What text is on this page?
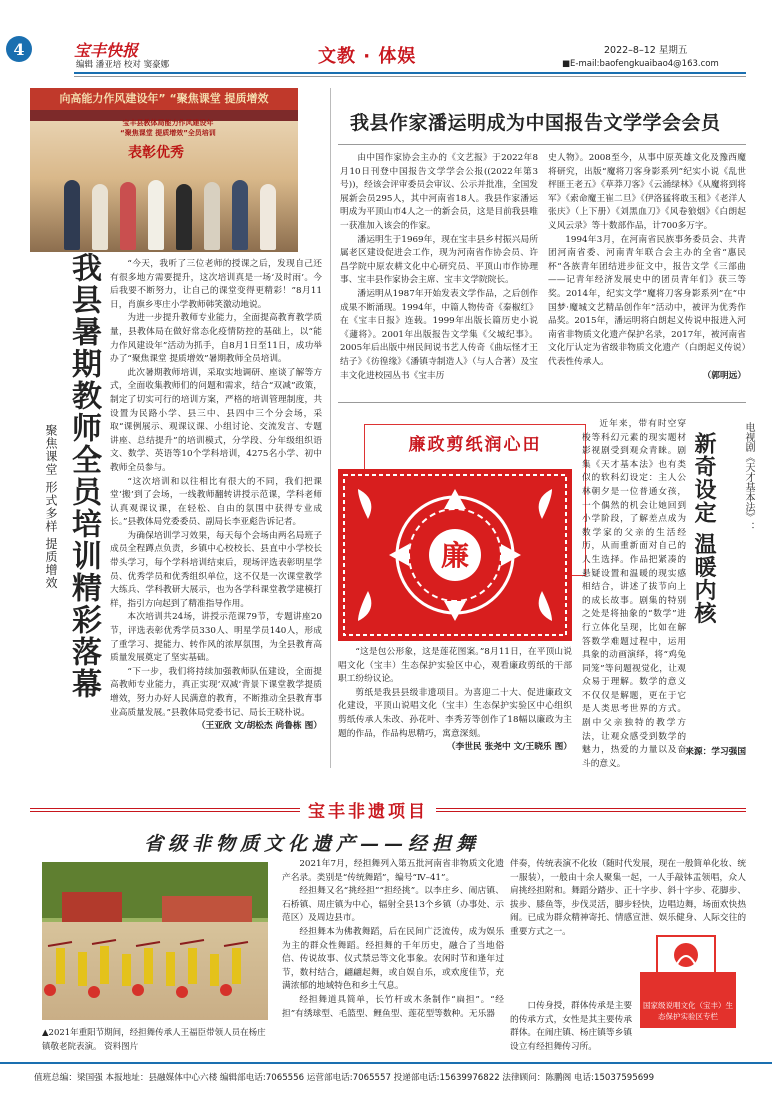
4	宝丰快报
编辑 潘亚培 校对 窦豪娜	文教 · 体娱	2022–8–12 星期五
■E-mail:baofengkuaibao4@163.com
向高能力作风建设年” “聚焦课堂 提质增效
宝丰县教体局能力作风建设年
“聚焦课堂 提质增效”全员培训
表彰优秀
我县暑期教师全员培训精彩落幕
聚焦课堂 形式多样 提质增效

“今天，我听了三位老师的授课之后，发现自己还有很多地方需要提升，这次培训真是一场‘及时雨’。今后我要不断努力，让自己的课堂变得更精彩！”8月11日，肖旗乡枣庄小学教师韩笑激动地说。

为进一步提升教师专业能力，全面提高教育教学质量，县教体局在做好常态化疫情防控的基础上，以“能力作风建设年”活动为抓手，自8月1日至11日，成功举办了“聚焦课堂 提质增效”暑期教师全员培训。

此次暑期教师培训，采取实地调研、座谈了解等方式，全面收集教师们的问题和需求，结合“双减”政策，制定了切实可行的培训方案，严格的培训管理制度，共设置为民路小学、县三中、县四中三个分会场，采取“课例展示、观课议课、小组讨论、交流发言、专题讲座、总结提升”的培训模式，分学段、分年级组织语文、数学、英语等10个学科培训，4275名小学、初中教师全员参与。

“这次培训和以往相比有很大的不同，我们把课堂‘搬’到了会场，一线教师翻转讲授示范课，学科老师认真观课议课，在轻松、自由的氛围中获得专业成长。”县教体局党委委员、副局长李亚彪告诉记者。

为确保培训学习效果，每天每个会场由两名局班子成员全程蹲点负责，乡镇中心校校长、县直中小学校长带头学习，每个学科培训结束后，现场评选表彰明星学员、优秀学员和优秀组织单位，这不仅是一次课堂教学大练兵、学科教研大展示，也为各学科课堂教学建模打样，指引方向起到了精准指导作用。

本次培训共24场，讲授示范课79节，专题讲座20节，评选表彰优秀学员330人、明星学员140人，形成了重学习、提能力、转作风的浓厚氛围，为全县教育高质量发展奠定了坚实基础。

“下一步，我们将持续加强教师队伍建设，全面提高教师专业能力，真正实现‘双减’背景下课堂教学提质增效，努力办好人民满意的教育，不断推动全县教育事业高质量发展。”县教体局党委书记、局长王晓朴说。

（王亚欣 文/胡松杰 尚鲁栋 图）
我县作家潘运明成为中国报告文学学会会员

由中国作家协会主办的《文艺报》于2022年8月10日刊登中国报告文学学会公报((2022年第3号))，经该会评审委员会审议、公示并批准，全国发展新会员295人，其中河南省18人。我县作家潘运明成为平顶山市4人之一的新会员，这是目前我县唯一获准加入该会的作家。

潘运明生于1969年，现在宝丰县乡村振兴局所属老区建设促进会工作，现为河南省作协会员、许昌学院中原农耕文化中心研究员、平顶山市作协理事、宝丰县作家协会主席、宝丰文学院院长。

潘运明从1987年开始发表文学作品，之后创作成果不断涌现。1994年，中篇人物传奇《秦椒红》在《宝丰日报》连载。1999年出版长篇历史小说《蘧将》。2001年出版报告文学集《父城纪事》。2005年后出版中州民间说书艺人传奇《曲坛怪才王结子》《彷徨缘》《潘镇寺制造人》（与人合著）及宝丰文化进校园丛书《宝丰历

史人物》。2008至今，从事中原英雄文化及豫西魔将研究，出版“魔将刀客身影系列”纪实小说《乱世枰匪王老五》《草莽刀客》《云涌绿林》《从魔将到将军》《索命魔王崔二旦》《伊洛猛将敢玉租》《老洋人张庆》（上下册）《刘黑血刀》《风卷狼烟》《白朗起义风云录》等十数部作品，计700多万字。

1994年3月，在河南省民族事务委员会、共青团河南省委、河南青年联合会主办的全省“惠民杯”各族青年团结进步征文中，报告文学《三部曲——记青年经济发展史中的团员青年们》获三等奖。2014年，纪实文学“魔将刀客身影系列”在“中国梦·魔城文艺精品创作年”活动中，被评为优秀作品奖。2015年，潘运明将白朗起义传说申报进入河南省非物质文化遗产保护名录，2017年，被河南省文化厅认定为省级非物质文化遗产（白朗起义传说）代表性传承人。

（郭明远）
廉政剪纸润心田
廉

“这是包公形象，这是莲花图案。”8月11日，在平顶山说唱文化（宝丰）生态保护实验区中心，观看廉政剪纸的干部职工纷纷议论。

剪纸是我县县级非遗项目。为喜迎二十大、促进廉政文化建设，平顶山说唱文化（宝丰）生态保护实验区中心组织剪纸传承人朱改、孙花叶、李秀芳等创作了18幅以廉政为主题的作品，作品构思精巧，寓意深刻。

（李世民 张尧中 文/王晓乐 图）
电视剧《天才基本法》：
新奇设定 温暖内核

近年来，带有时空穿梭等科幻元素的现实题材影视剧受到观众青睐。剧集《天才基本法》也有类似的软科幻设定：主人公林朝夕是一位普通女孩，一个偶然的机会让她回到小学阶段，了解差点成为数学家的父亲的生活经历，从而重新面对自己的人生选择。作品把紧凑的悬疑设置和温暖的现实感相结合，讲述了拔节向上的成长故事。剧集的特别之处是将抽象的“数学”进行立体化呈现，比如在解答数学难题过程中，运用具象的动画演绎，将“鸡兔同笼”等问题视觉化，让观众易于理解。数学的意义不仅仅是解题，更在于它是人类思考世界的方式。剧中父亲独特的教学方法，让观众感受到数学的魅力，热爱的力量以及奋斗的意义。

来源：学习强国
宝丰非遗项目
省级非物质文化遗产——经担舞
▲2021年重阳节期间，经担舞传承人王福臣带领人员在杨庄镇敬老院表演。 资料图片

2021年7月，经担舞列入第五批河南省非物质文化遗产名录。类别是“传统舞蹈”，编号“Ⅳ–41”。

经担舞又名“挑经担”“担经挑”。以李庄乡、闹店镇、石桥镇、周庄镇为中心，辐射全县13个乡镇（办事处、示范区）及周边县市。

经担舞本为佛教舞蹈，后在民间广泛流传，成为娱乐为主的群众性舞蹈。经担舞的千年历史，融合了当地俗信、传说故事、仪式禁忌等文化事象。农闲时节和逢年过节，数村结合，翩翩起舞，或自娱自乐，或欢度佳节，充满浓郁的地域特色和乡土气息。

经担舞道具简单，长竹杆或木条制作“扁担”。“经担”有绣球型、毛篮型、鲤鱼型、莲花型等数种。无乐器

伴奏，传统表演不化妆（随时代发展，现在一般简单化妆、统一服装），一般由十余人聚集一起，一人手敲钵盂领唱，众人肩挑经担附和。舞蹈分踏步、正十字步、斜十字步、花脚步、拔步、膝鱼等，步伐灵活，脚步轻快，边唱边舞，场面欢快热闹。已成为群众精神寄托、情感宣泄、娱乐健身、人际交往的重要方式之一。

口传身授，群体传承是主要的传承方式，女性是其主要传承群体。在闹庄镇、杨庄镇等乡镇设立有经担舞传习所。

国家级说唱文化（宝丰）生态保护实验区专栏
值班总编：梁国强 本报地址：县融媒体中心六楼 编辑部电话:7065556 运营部电话:7065557 投递部电话:15639976822 法律顾问：陈鹏阁 电话:15037595699
